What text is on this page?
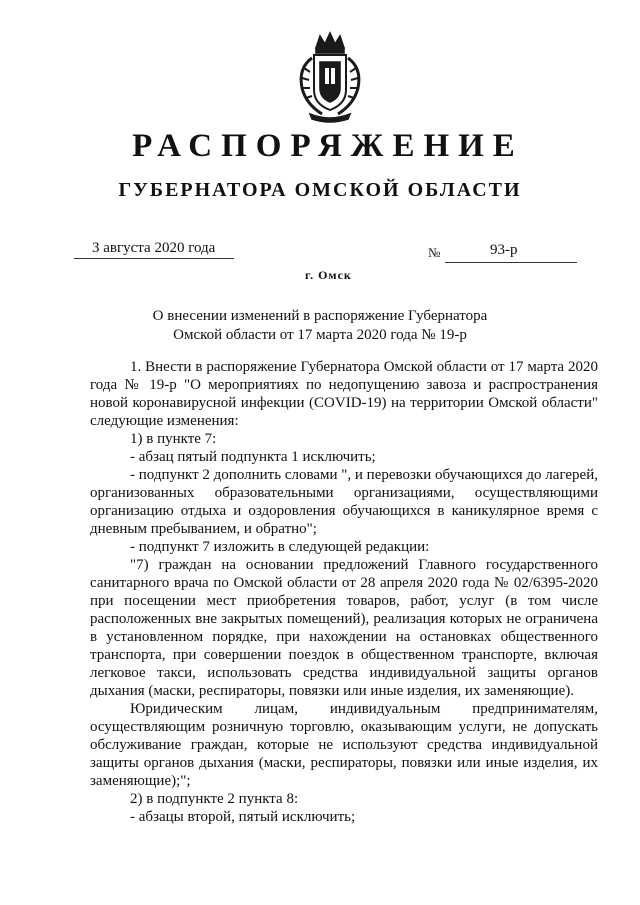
РАСПОРЯЖЕНИЕ
ГУБЕРНАТОРА ОМСКОЙ ОБЛАСТИ
3 августа 2020 года	№	93-р
г. Омск
О внесении изменений в распоряжение Губернатора
Омской области от 17 марта 2020 года № 19-р

1. Внести в распоряжение Губернатора Омской области от 17 марта 2020 года № 19-р "О мероприятиях по недопущению завоза и распространения новой коронавирусной инфекции (COVID-19) на территории Омской области" следующие изменения:

1) в пункте 7:

- абзац пятый подпункта 1 исключить;

- подпункт 2 дополнить словами ", и перевозки обучающихся до лагерей, организованных образовательными организациями, осуществляющими организацию отдыха и оздоровления обучающихся в каникулярное время с дневным пребыванием, и обратно";

- подпункт 7 изложить в следующей редакции:

"7) граждан на основании предложений Главного государственного санитарного врача по Омской области от 28 апреля 2020 года № 02/6395-2020 при посещении мест приобретения товаров, работ, услуг (в том числе расположенных вне закрытых помещений), реализация которых не ограничена в установленном порядке, при нахождении на остановках общественного транспорта, при совершении поездок в общественном транспорте, включая легковое такси, использовать средства индивидуальной защиты органов дыхания (маски, респираторы, повязки или иные изделия, их заменяющие).

Юридическим лицам, индивидуальным предпринимателям, осуществляющим розничную торговлю, оказывающим услуги, не допускать обслуживание граждан, которые не используют средства индивидуальной защиты органов дыхания (маски, респираторы, повязки или иные изделия, их заменяющие);";

2) в подпункте 2 пункта 8:

- абзацы второй, пятый исключить;
